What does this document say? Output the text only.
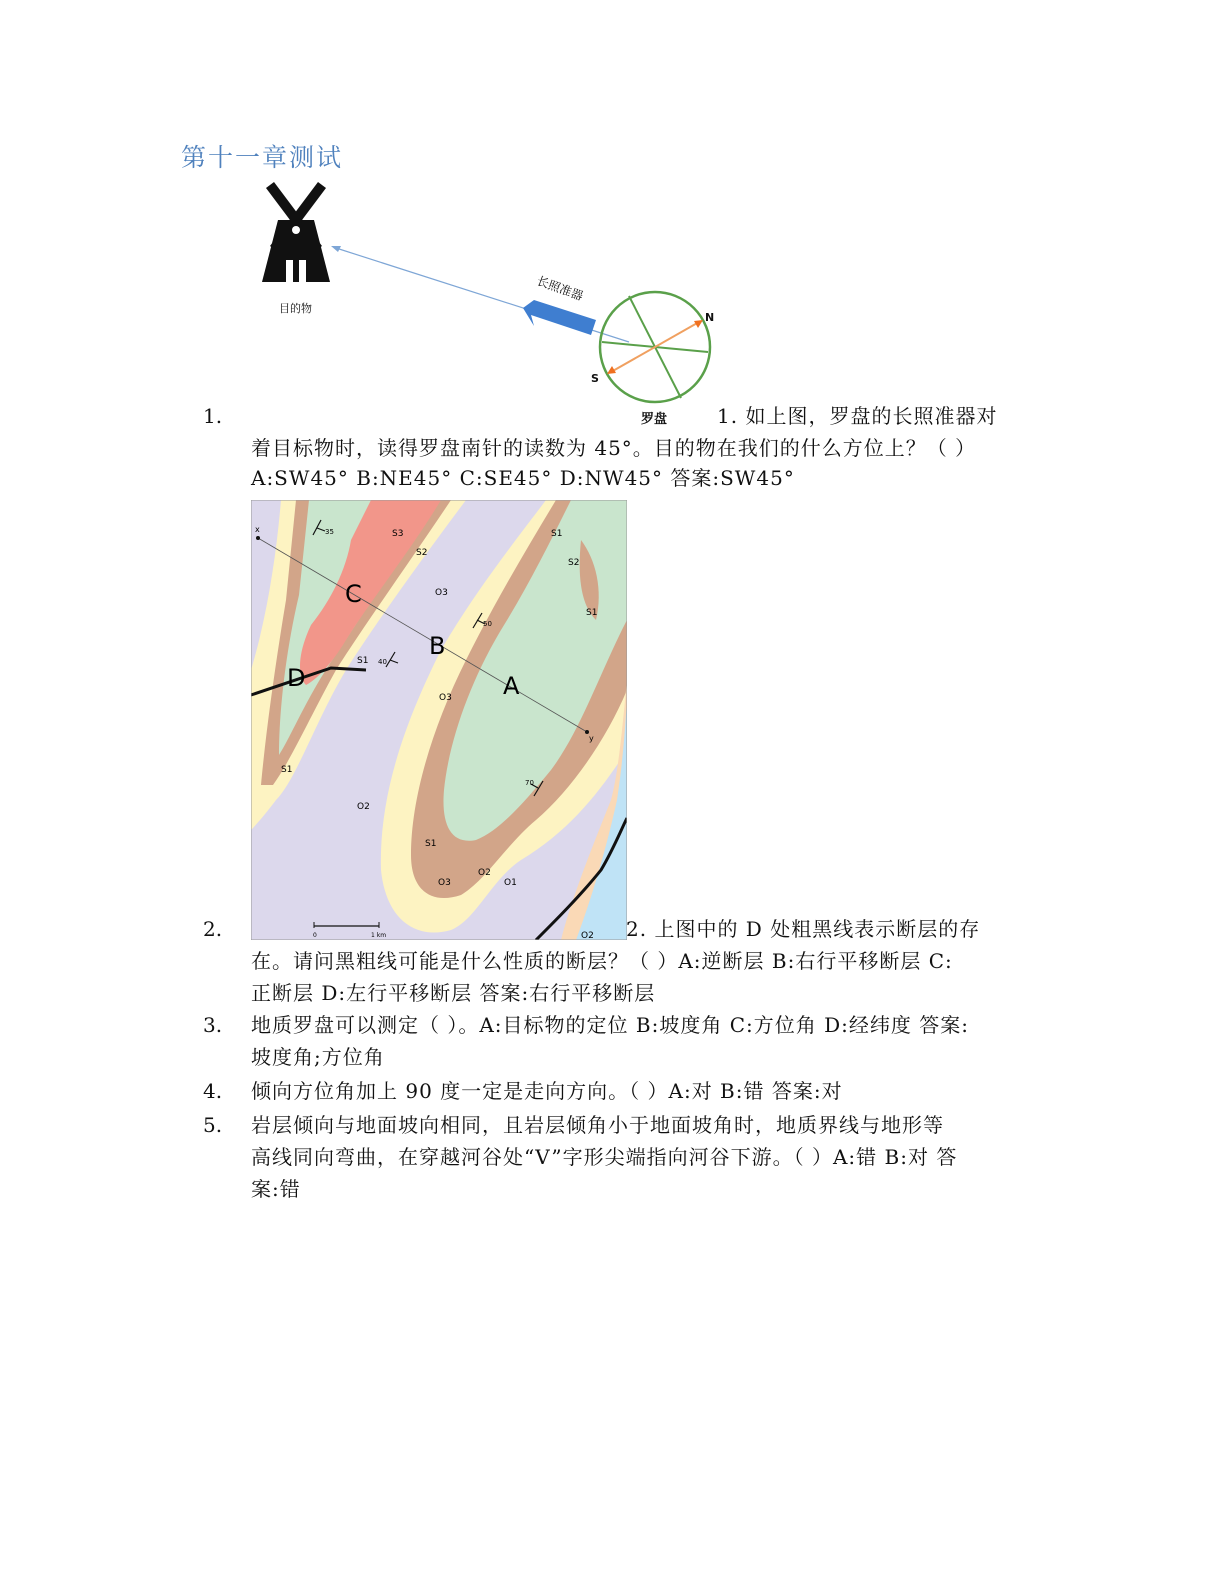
第十一章测试
目的物
长照准器
N
S
罗盘
1.	1. 如上图，罗盘的长照准器对
着目标物时，读得罗盘南针的读数为 45°。目的物在我们的什么方位上？（ ）
A:SW45° B:NE45° C:SE45° D:NW45° 答案:SW45°
x
y
A
B
C
D
S3
S2
S2
S1
S1
S1
S1
S1
O3
O3
O3
O2
O2
O2
O1
35
50
40
70
0	1 km
2.	2. 上图中的 D 处粗黑线表示断层的存
在。请问黑粗线可能是什么性质的断层？（ ）A:逆断层 B:右行平移断层 C:
正断层 D:左行平移断层 答案:右行平移断层
3. 地质罗盘可以测定（ ）。A:目标物的定位 B:坡度角 C:方位角 D:经纬度 答案:
坡度角;方位角
4. 倾向方位角加上 90 度一定是走向方向。（ ）A:对 B:错 答案:对
5. 岩层倾向与地面坡向相同，且岩层倾角小于地面坡角时，地质界线与地形等
高线同向弯曲，在穿越河谷处“V”字形尖端指向河谷下游。（ ）A:错 B:对 答
案:错
